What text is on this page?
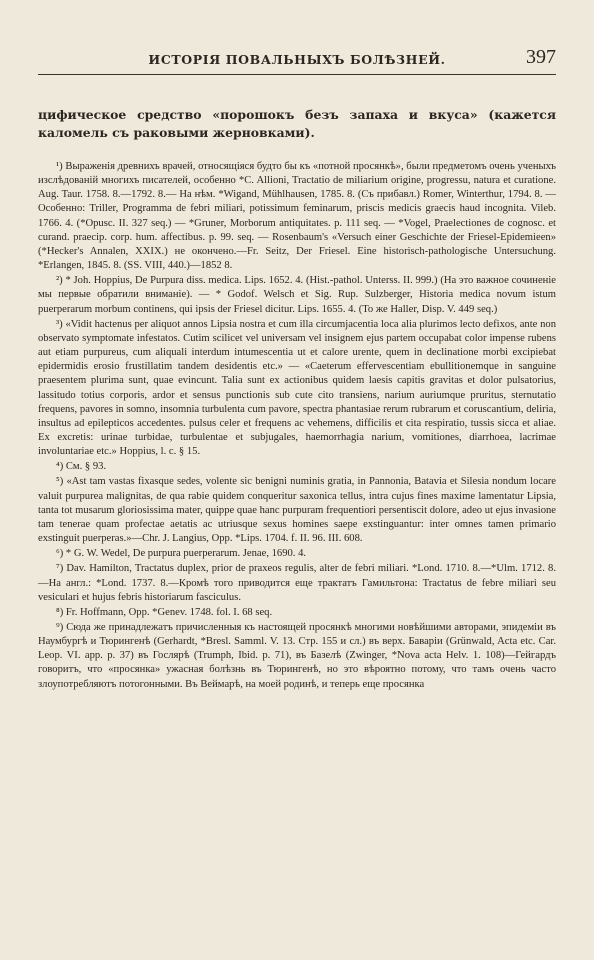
ИСТОРІЯ ПОВАЛЬНЫХЪ БОЛѢЗНЕЙ.	397

цифическое средство «порошокъ безъ запаха и вкуса» (кажется каломель съ раковыми жерновками).

¹) Выраженія древнихъ врачей, относящіяся будто бы къ «потной просянкѣ», были предметомъ очень ученыхъ изслѣдованій многихъ писателей, особенно *C. Allioni, Tractatio de miliarium origine, progressu, natura et curatione. Aug. Taur. 1758. 8.—1792. 8.— На нѣм. *Wigand, Mühlhausen, 1785. 8. (Съ прибавл.) Romer, Winterthur, 1794. 8. — Особенно: Triller, Programma de febri miliari, potissimum feminarum, priscis medicis graecis haud incognita. Vileb. 1766. 4. (*Opusc. II. 327 seq.) — *Gruner, Morborum antiquitates. p. 111 seq. — *Vogel, Praelectiones de cognosc. et curand. praecip. corp. hum. affectibus. p. 99. seq. — Rosenbaum's «Versuch einer Geschichte der Friesel-Epidemieen» (*Hecker's Annalen, XXIX.) не окончено.—Fr. Seitz, Der Friesel. Eine historisch-pathologische Untersuchung. *Erlangen, 1845. 8. (SS. VIII, 440.)—1852 8.

²) * Joh. Hoppius, De Purpura diss. medica. Lips. 1652. 4. (Hist.-pathol. Unterss. II. 999.) (На это важное сочиненіе мы первые обратили вниманіе). — * Godof. Welsch et Sig. Rup. Sulzberger, Historia medica novum istum puerperarum morbum continens, qui ipsis der Friesel dicitur. Lips. 1655. 4. (То же Haller, Disp. V. 449 seq.)

³) «Vidit hactenus per aliquot annos Lipsia nostra et cum illa circumjacentia loca alia plurimos lecto defixos, ante non observato symptomate infestatos. Cutim scilicet vel universam vel insignem ejus partem occupabat color impense rubens aut etiam purpureus, cum aliquali interdum intumescentia ut et calore urente, quem in declinatione morbi excipiebat epidermidis erosio frustillatim tandem desidentis etc.» — «Caeterum effervescentiam ebullitionemque in sanguine praesentem plurima sunt, quae evincunt. Talia sunt ex actionibus quidem laesis capitis gravitas et dolor pulsatorius, lassitudo totius corporis, ardor et sensus punctionis sub cute cito transiens, narium auriumque pruritus, sternutatio frequens, pavores in somno, insomnia turbulenta cum pavore, spectra phantasiae rerum rubrarum et coruscantium, deliria, insultus ad epilepticos accedentes. pulsus celer et frequens ac vehemens, difficilis et cita respiratio, tussis sicca et aliae. Ex excretis: urinae turbidae, turbulentae et subjugales, haemorrhagia narium, vomitiones, diarrhoea, lacrimae involuntariae etc.» Hoppius, l. c. § 15.

⁴) См. § 93.

⁵) «Ast tam vastas fixasque sedes, volente sic benigni numinis gratia, in Pannonia, Batavia et Silesia nondum locare valuit purpurea malignitas, de qua rabie quidem conqueritur saxonica tellus, intra cujus fines maxime lamentatur Lipsia, tanta tot musarum gloriosissima mater, quippe quae hanc purpuram frequentiori persentiscit dolore, adeo ut ejus invasione tam tenerae quam profectae aetatis ac utriusque sexus homines saepe exstinguantur: inter omnes tamen primario exstinguit puerperas.»—Chr. J. Langius, Opp. *Lips. 1704. f. II. 96. III. 608.

⁶) * G. W. Wedel, De purpura puerperarum. Jenae, 1690. 4.

⁷) Dav. Hamilton, Tractatus duplex, prior de praxeos regulis, alter de febri miliari. *Lond. 1710. 8.—*Ulm. 1712. 8.—На англ.: *Lond. 1737. 8.—Кромѣ того приводится еще трактатъ Гамильтона: Tractatus de febre miliari seu vesiculari et hujus febris historiarum fasciculus.

⁸) Fr. Hoffmann, Opp. *Genev. 1748. fol. I. 68 seq.

⁹) Сюда же принадлежатъ причисленныя къ настоящей просянкѣ многими новѣйшими авторами, эпидеміи въ Наумбургѣ и Тюрингенѣ (Gerhardt, *Bresl. Samml. V. 13. Стр. 155 и сл.) въ верх. Баваріи (Grünwald, Acta etc. Car. Leop. VI. app. p. 37) въ Гослярѣ (Trumph, Ibid. p. 71), въ Базелѣ (Zwinger, *Nova acta Helv. 1. 108)—Гейгардъ говоритъ, что «просянка» ужасная болѣзнь въ Тюрингенѣ, но это вѣроятно потому, что тамъ очень часто злоупотребляютъ потогонными. Въ Веймарѣ, на моей родинѣ, и теперь еще просянка
